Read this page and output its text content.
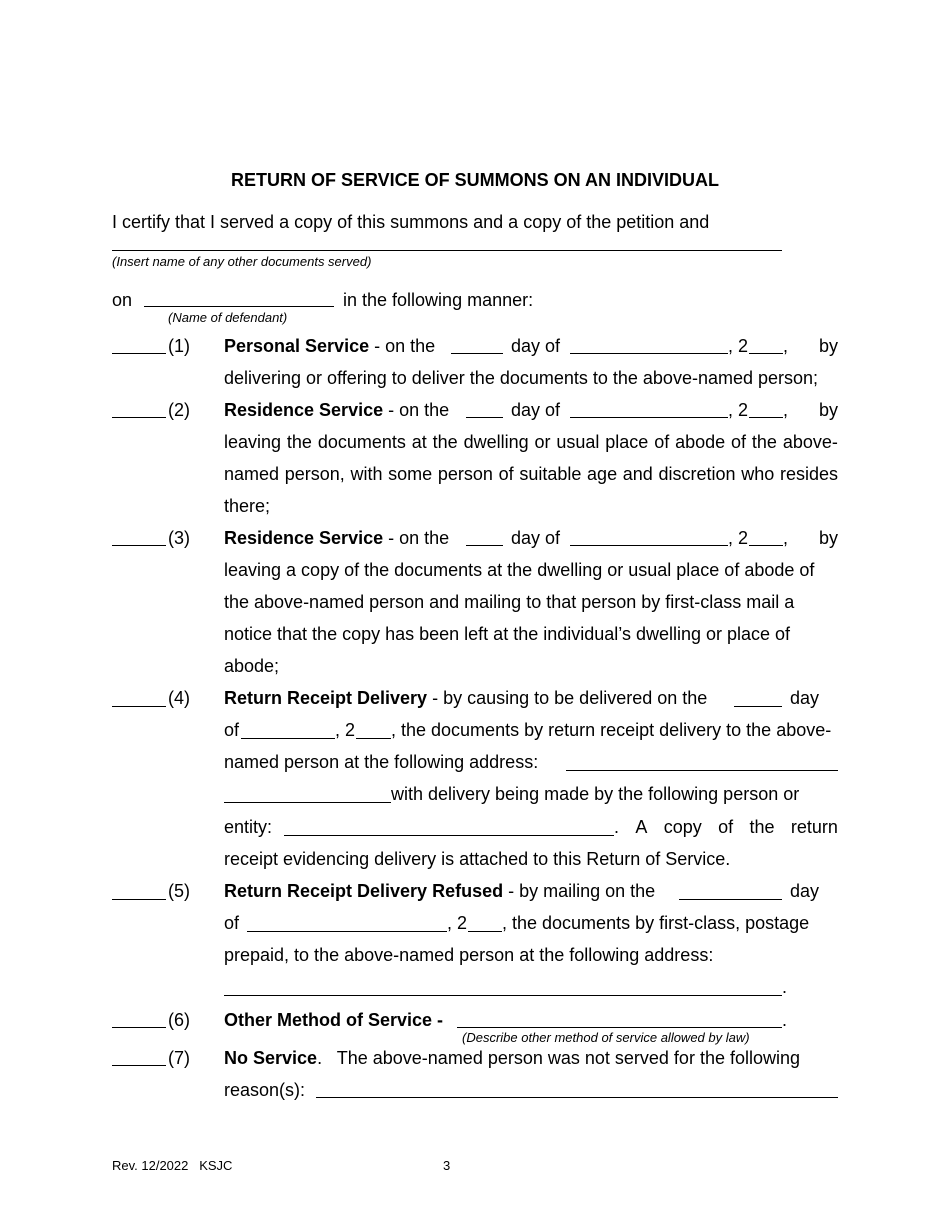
RETURN OF SERVICE OF SUMMONS ON AN INDIVIDUAL
I certify that I served a copy of this summons and a copy of the petition and
(Insert name of any other documents served)
on	in the following manner:
(Name of defendant)
(1) Personal Service - on the	day of	, 2 , by
delivering or offering to deliver the documents to the above-named person;
(2) Residence Service - on the	day of	, 2 , by
leaving the documents at the dwelling or usual place of abode of the above-
named person, with some person of suitable age and discretion who resides
there;
(3) Residence Service - on the	day of	, 2 , by
leaving a copy of the documents at the dwelling or usual place of abode of
the above-named person and mailing to that person by first-class mail a
notice that the copy has been left at the individual’s dwelling or place of
abode;
(4) Return Receipt Delivery - by causing to be delivered on the	day
of	, 2 , the documents by return receipt delivery to the above-
named person at the following address:
with delivery being made by the following person or
entity:	. A copy of the return
receipt evidencing delivery is attached to this Return of Service.
(5) Return Receipt Delivery Refused - by mailing on the	day
of	, 2 , the documents by first-class, postage
prepaid, to the above-named person at the following address:
.
(6) Other Method of Service -	.
(Describe other method of service allowed by law)
(7) No Service.   The above-named person was not served for the following
reason(s):
Rev. 12/2022   KSJC	3
